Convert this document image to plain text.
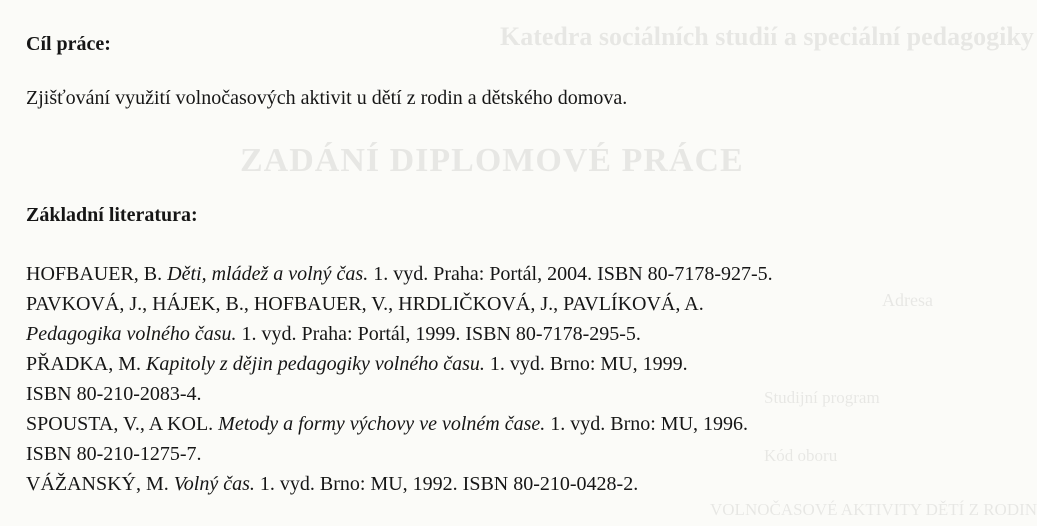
Katedra sociálních studií a speciální pedagogiky
ZADÁNÍ DIPLOMOVÉ PRÁCE
Adresa
Studijní program
Kód oboru
VOLNOČASOVÉ AKTIVITY DĚTÍ Z RODIN
Cíl práce:
Zjišťování využití volnočasových aktivit u dětí z rodin a dětského domova.
Základní literatura:
HOFBAUER, B. Děti, mládež a volný čas. 1. vyd. Praha: Portál, 2004. ISBN 80-7178-927-5.
PAVKOVÁ, J., HÁJEK, B., HOFBAUER, V., HRDLIČKOVÁ, J., PAVLÍKOVÁ, A.
Pedagogika volného času. 1. vyd. Praha: Portál, 1999. ISBN 80-7178-295-5.
PŘADKA, M. Kapitoly z dějin pedagogiky volného času. 1. vyd. Brno: MU, 1999.
ISBN 80-210-2083-4.
SPOUSTA, V., A KOL. Metody a formy výchovy ve volném čase. 1. vyd. Brno: MU, 1996.
ISBN 80-210-1275-7.
VÁŽANSKÝ, M. Volný čas. 1. vyd. Brno: MU, 1992. ISBN 80-210-0428-2.
